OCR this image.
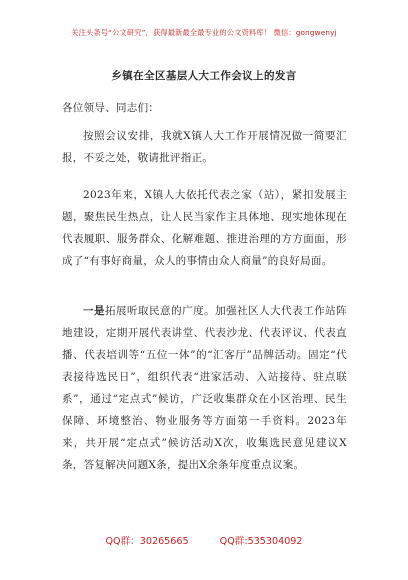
关注头条号“公文研究”，获得最新最全最专业的公文资料库！ 微信：gongwenyj
乡镇在全区基层人大工作会议上的发言
各位领导、同志们：

按照会议安排，我就X镇人大工作开展情况做一简要汇报，不妥之处，敬请批评指正。

2023年来，X镇人大依托代表之家（站），紧扣发展主题，聚焦民生热点，让人民当家作主具体地、现实地体现在代表履职、服务群众、化解难题、推进治理的方方面面，形成了“有事好商量，众人的事情由众人商量”的良好局面。

一是拓展听取民意的广度。加强社区人大代表工作站阵地建设，定期开展代表讲堂、代表沙龙、代表评议、代表直播、代表培训等“五位一体”的“汇客厅”品牌活动。固定“代表接待选民日”，组织代表“进家活动、入站接待、驻点联系”，通过“定点式”候访，广泛收集群众在小区治理、民生保障、环境整治、物业服务等方面第一手资料。2023年来，共开展“定点式”候访活动X次，收集选民意见建议X条，答复解决问题X条，提出X余条年度重点议案。

QQ群：30265665	QQ群:535304092
